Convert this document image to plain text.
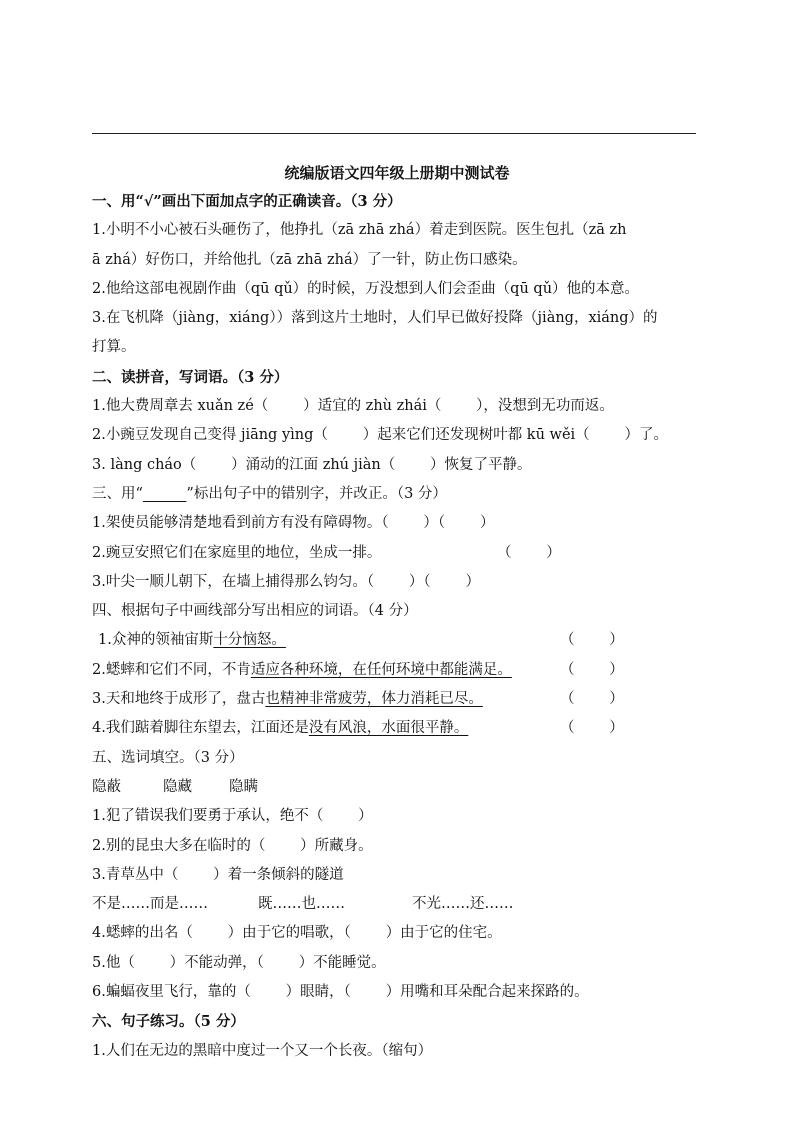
统编版语文四年级上册期中测试卷
一、用“√”画出下面加点字的正确读音。（3 分）
1.小明不小心被石头砸伤了，他挣扎（zā zhā zhá）着走到医院。医生包扎（zā zh
ā zhá）好伤口，并给他扎（zā zhā zhá）了一针，防止伤口感染。
2.他给这部电视剧作曲（qū qǔ）的时候，万没想到人们会歪曲（qū qǔ）他的本意。
3.在飞机降（jiàng，xiáng））落到这片土地时，人们早已做好投降（jiàng，xiáng）的
打算。
二、读拼音，写词语。（3 分）
1.他大费周章去 xuǎn zé（ ）适宜的 zhù zhái（ ），没想到无功而返。
2.小豌豆发现自己变得 jiāng yìng（ ）起来它们还发现树叶都 kū wěi（ ）了。
3. làng cháo（ ）涌动的江面 zhú jiàn（ ）恢复了平静。
三、用“　　　	”标出句子中的错别字，并改正。（3 分）
1.架使员能够清楚地看到前方有没有障碍物。（ ）（ ）
2.豌豆安照它们在家庭里的地位，坐成一排。	（ ）
3.叶尖一顺儿朝下，在墙上捕得那么钧匀。（ ）（ ）
四、根据句子中画线部分写出相应的词语。（4 分）
1.众神的领袖宙斯十分恼怒。	（ ）
2.蟋蟀和它们不同，不肯适应各种环境，在任何环境中都能满足。	（ ）
3.天和地终于成形了，盘古也精神非常疲劳，体力消耗已尽。	（ ）
4.我们踮着脚往东望去，江面还是没有风浪，水面很平静。	（ ）
五、选词填空。（3 分）
隐蔽	隐藏	隐瞒
1.犯了错误我们要勇于承认，绝不（ ）
2.别的昆虫大多在临时的（ ）所藏身。
3.青草丛中（ ）着一条倾斜的隧道
不是……而是……	既……也……	不光……还……
4.蟋蟀的出名（ ）由于它的唱歌，（ ）由于它的住宅。
5.他（ ）不能动弹，（ ）不能睡觉。
6.蝙蝠夜里飞行，靠的（ ）眼睛，（ ）用嘴和耳朵配合起来探路的。
六、句子练习。（5 分）
1.人们在无边的黑暗中度过一个又一个长夜。（缩句）
